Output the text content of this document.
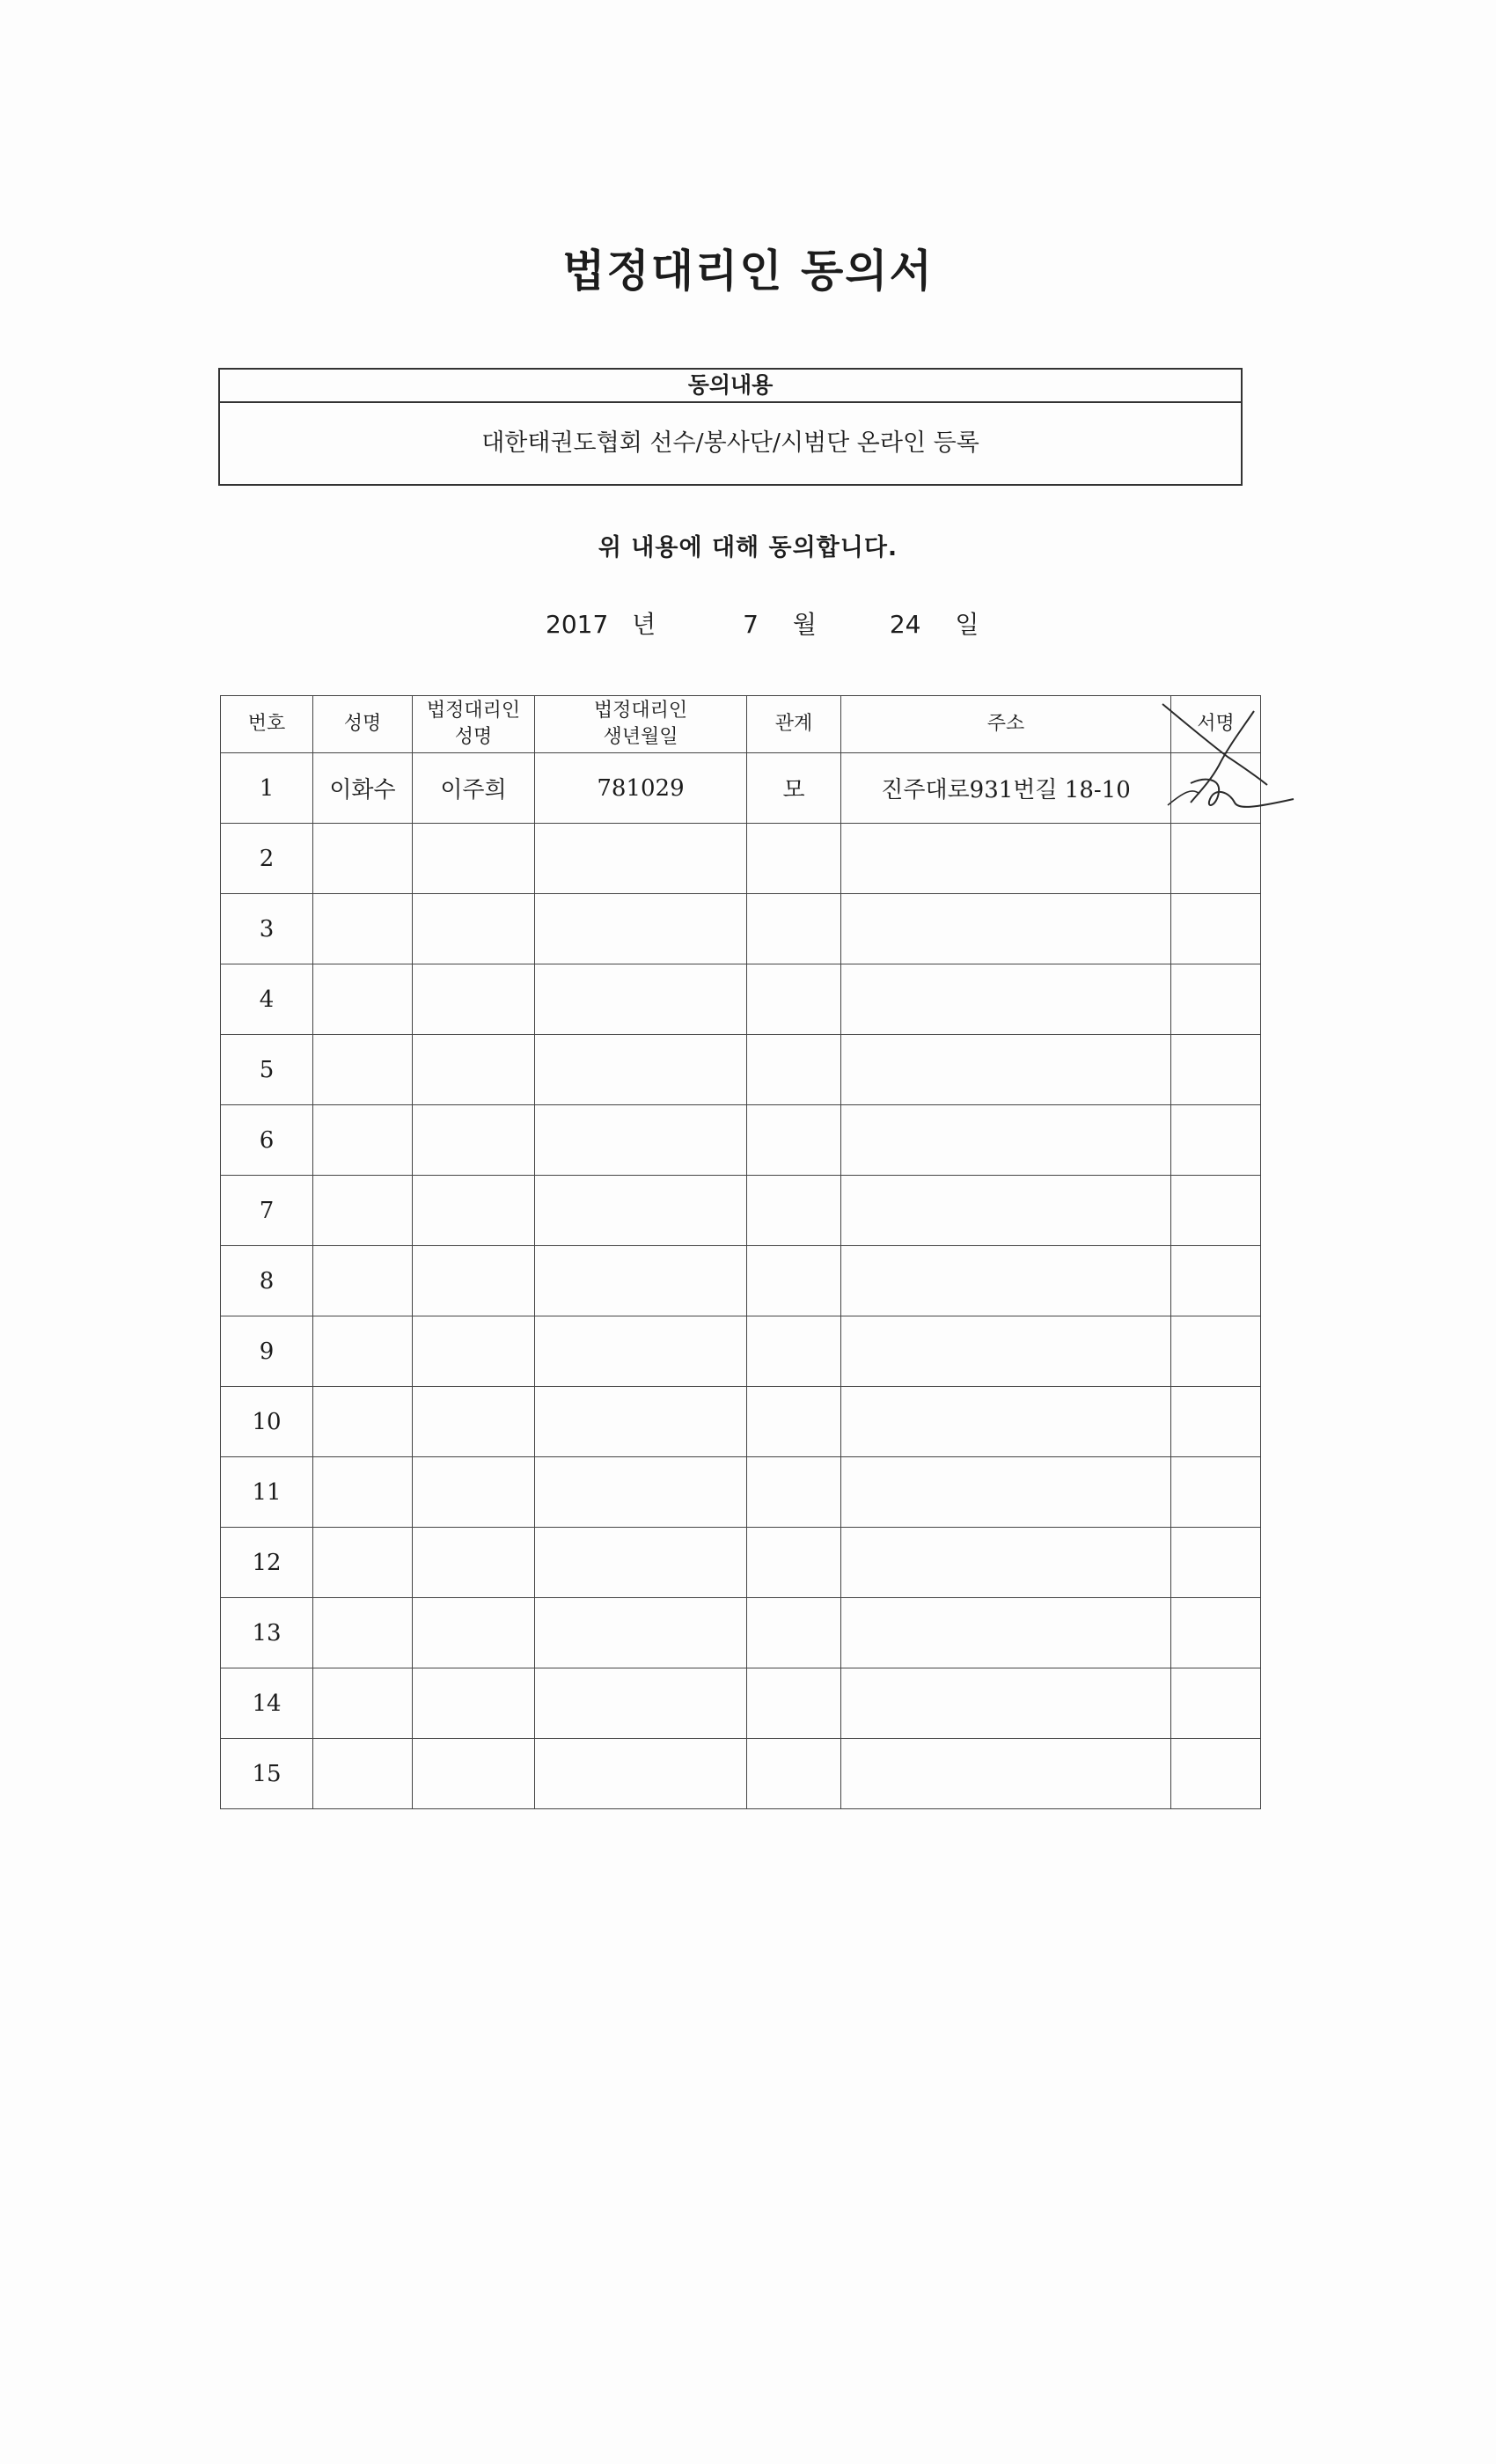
법정대리인 동의서
동의내용
대한태권도협회 선수/봉사단/시범단 온라인 등록
위 내용에 대해 동의합니다.
2017 년	7 월	24 일
번호	성명	법정대리인 성명	법정대리인 생년월일	관계	주소	서명
1	이화수	이주희	781029	모	진주대로931번길 18-10	
2						
3						
4						
5						
6						
7						
8						
9						
10						
11						
12						
13						
14						
15						
